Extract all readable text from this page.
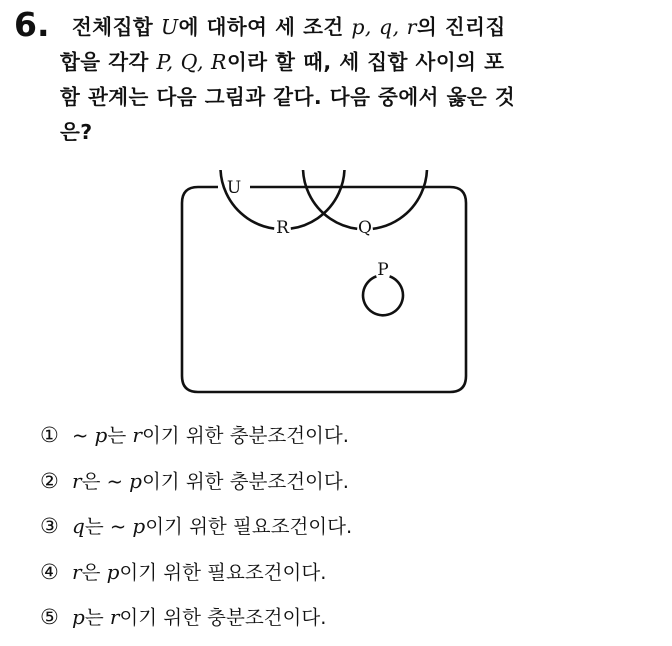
6.	전체집합 U에 대하여 세 조건 p, q, r의 진리집
합을 각각 P, Q, R이라 할 때, 세 집합 사이의 포
함 관계는 다음 그림과 같다. 다음 중에서 옳은 것
은?
U
R	Q
P
① ~ p는 r이기 위한 충분조건이다.
② r은 ~ p이기 위한 충분조건이다.
③ q는 ~ p이기 위한 필요조건이다.
④ r은 p이기 위한 필요조건이다.
⑤ p는 r이기 위한 충분조건이다.
